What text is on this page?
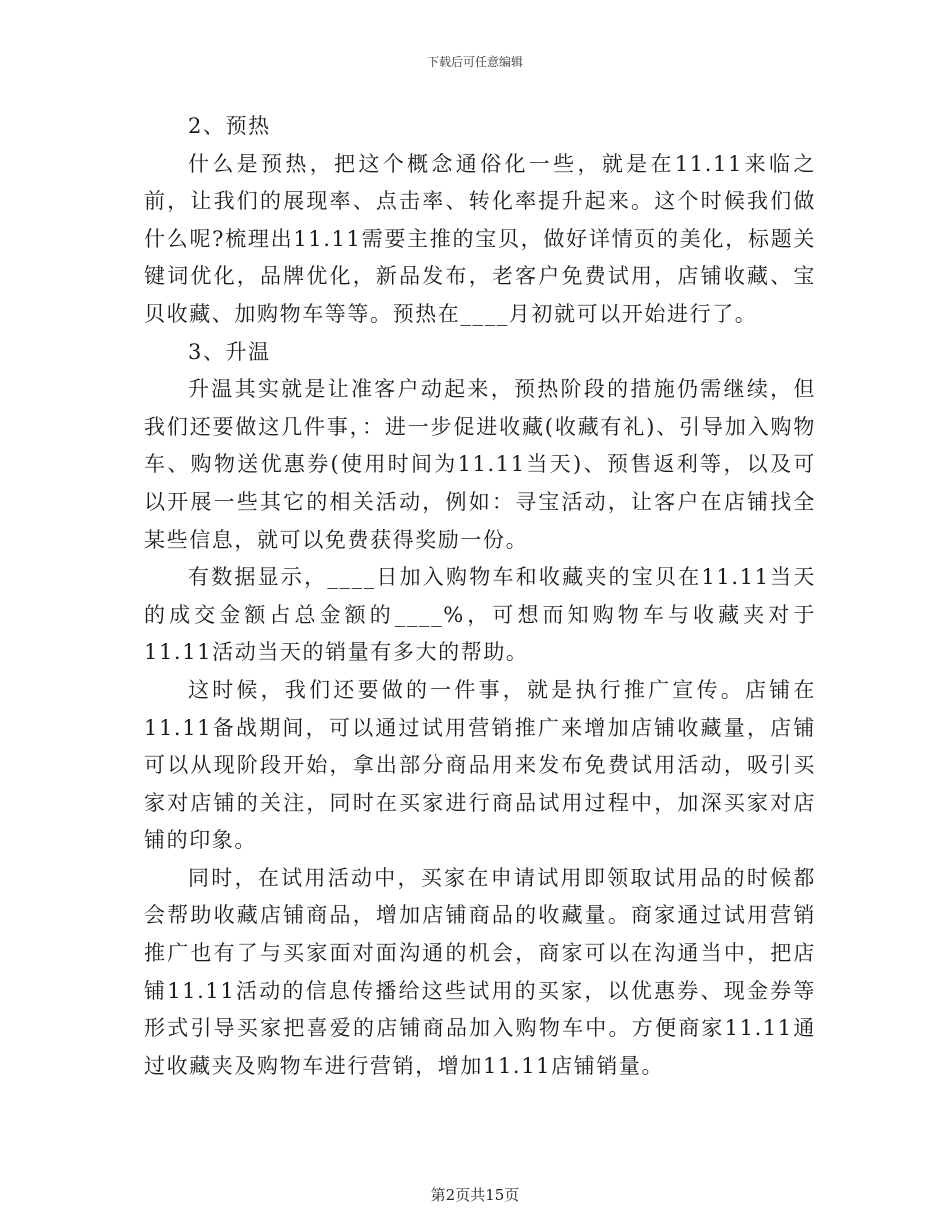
下载后可任意编辑

2、预热

什么是预热，把这个概念通俗化一些，就是在11.11来临之前，让我们的展现率、点击率、转化率提升起来。这个时候我们做什么呢?梳理出11.11需要主推的宝贝，做好详情页的美化，标题关键词优化，品牌优化，新品发布，老客户免费试用，店铺收藏、宝贝收藏、加购物车等等。预热在____月初就可以开始进行了。

3、升温

升温其实就是让准客户动起来，预热阶段的措施仍需继续，但我们还要做这几件事，：进一步促进收藏(收藏有礼)、引导加入购物车、购物送优惠券(使用时间为11.11当天)、预售返利等，以及可以开展一些其它的相关活动，例如：寻宝活动，让客户在店铺找全某些信息，就可以免费获得奖励一份。

有数据显示，____日加入购物车和收藏夹的宝贝在11.11当天的成交金额占总金额的____%，可想而知购物车与收藏夹对于11.11活动当天的销量有多大的帮助。

这时候，我们还要做的一件事，就是执行推广宣传。店铺在11.11备战期间，可以通过试用营销推广来增加店铺收藏量，店铺可以从现阶段开始，拿出部分商品用来发布免费试用活动，吸引买家对店铺的关注，同时在买家进行商品试用过程中，加深买家对店铺的印象。

同时，在试用活动中，买家在申请试用即领取试用品的时候都会帮助收藏店铺商品，增加店铺商品的收藏量。商家通过试用营销推广也有了与买家面对面沟通的机会，商家可以在沟通当中，把店铺11.11活动的信息传播给这些试用的买家，以优惠券、现金券等形式引导买家把喜爱的店铺商品加入购物车中。方便商家11.11通过收藏夹及购物车进行营销，增加11.11店铺销量。

第2页共15页
